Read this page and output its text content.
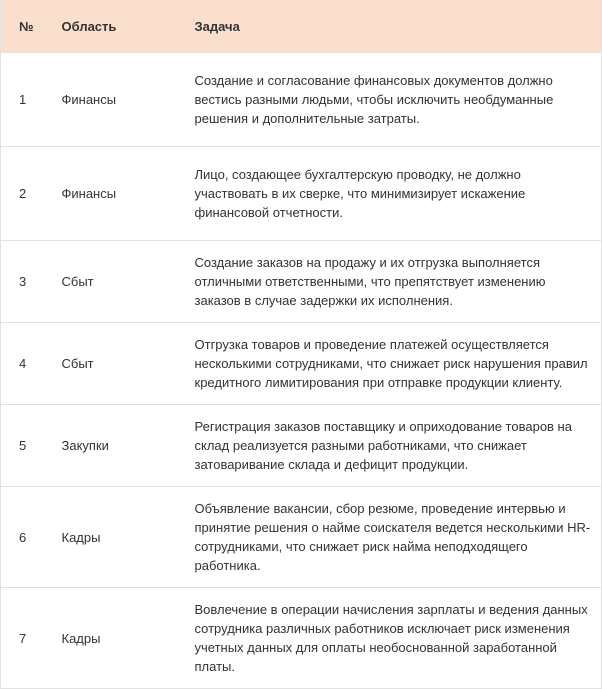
№	Область	Задача
1	Финансы	Создание и согласование финансовых документов должно вестись разными людьми, чтобы исключить необдуманные решения и дополнительные затраты.
2	Финансы	Лицо, создающее бухгалтерскую проводку, не должно участвовать в их сверке, что минимизирует искажение финансовой отчетности.
3	Сбыт	Создание заказов на продажу и их отгрузка выполняется отличными ответственными, что препятствует изменению заказов в случае задержки их исполнения.
4	Сбыт	Отгрузка товаров и проведение платежей осуществляется несколькими сотрудниками, что снижает риск нарушения правил кредитного лимитирования при отправке продукции клиенту.
5	Закупки	Регистрация заказов поставщику и оприходование товаров на склад реализуется разными работниками, что снижает затоваривание склада и дефицит продукции.
6	Кадры	Объявление вакансии, сбор резюме, проведение интервью и принятие решения о найме соискателя ведется несколькими HR-сотрудниками, что снижает риск найма неподходящего работника.
7	Кадры	Вовлечение в операции начисления зарплаты и ведения данных сотрудника различных работников исключает риск изменения учетных данных для оплаты необоснованной заработанной платы.
